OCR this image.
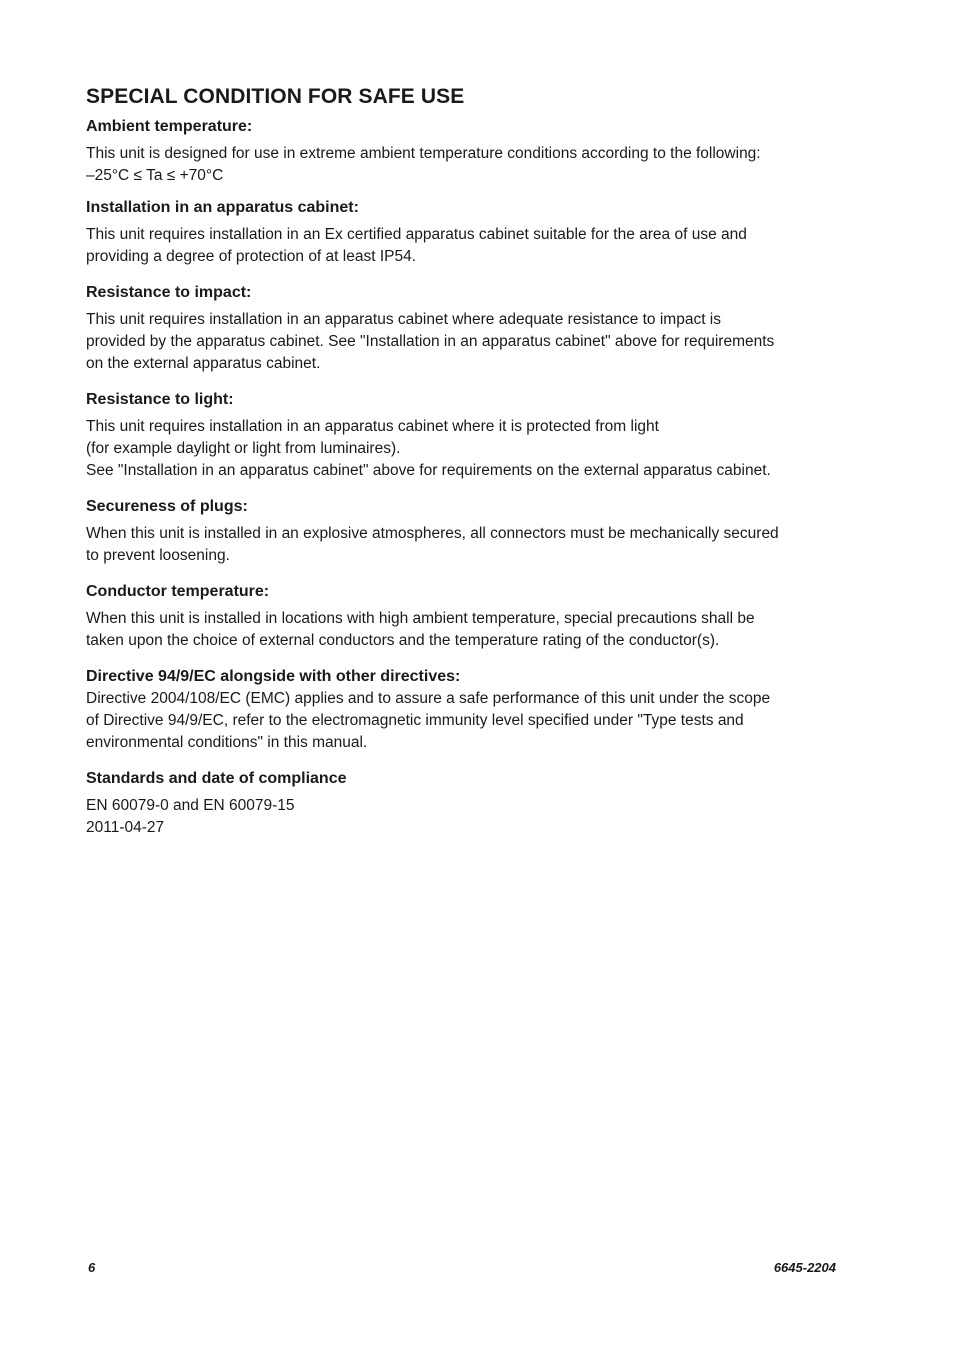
SPECIAL CONDITION FOR SAFE USE
Ambient temperature:

This unit is designed for use in extreme ambient temperature conditions according to the following:
–25°C ≤ Ta ≤ +70°C

Installation in an apparatus cabinet:

This unit requires installation in an Ex certified apparatus cabinet suitable for the area of use and
providing a degree of protection of at least IP54.

Resistance to impact:

This unit requires installation in an apparatus cabinet where adequate resistance to impact is
provided by the apparatus cabinet. See "Installation in an apparatus cabinet" above for requirements
on the external apparatus cabinet.

Resistance to light:

This unit requires installation in an apparatus cabinet where it is protected from light
(for example daylight or light from luminaires).
See "Installation in an apparatus cabinet" above for requirements on the external apparatus cabinet.

Secureness of plugs:

When this unit is installed in an explosive atmospheres, all connectors must be mechanically secured
to prevent loosening.

Conductor temperature:

When this unit is installed in locations with high ambient temperature, special precautions shall be
taken upon the choice of external conductors and the temperature rating of the conductor(s).

Directive 94/9/EC alongside with other directives:

Directive 2004/108/EC (EMC) applies and to assure a safe performance of this unit under the scope
of Directive 94/9/EC, refer to the electromagnetic immunity level specified under "Type tests and
environmental conditions" in this manual.

Standards and date of compliance

EN 60079-0 and EN 60079-15
2011-04-27

6	6645-2204
